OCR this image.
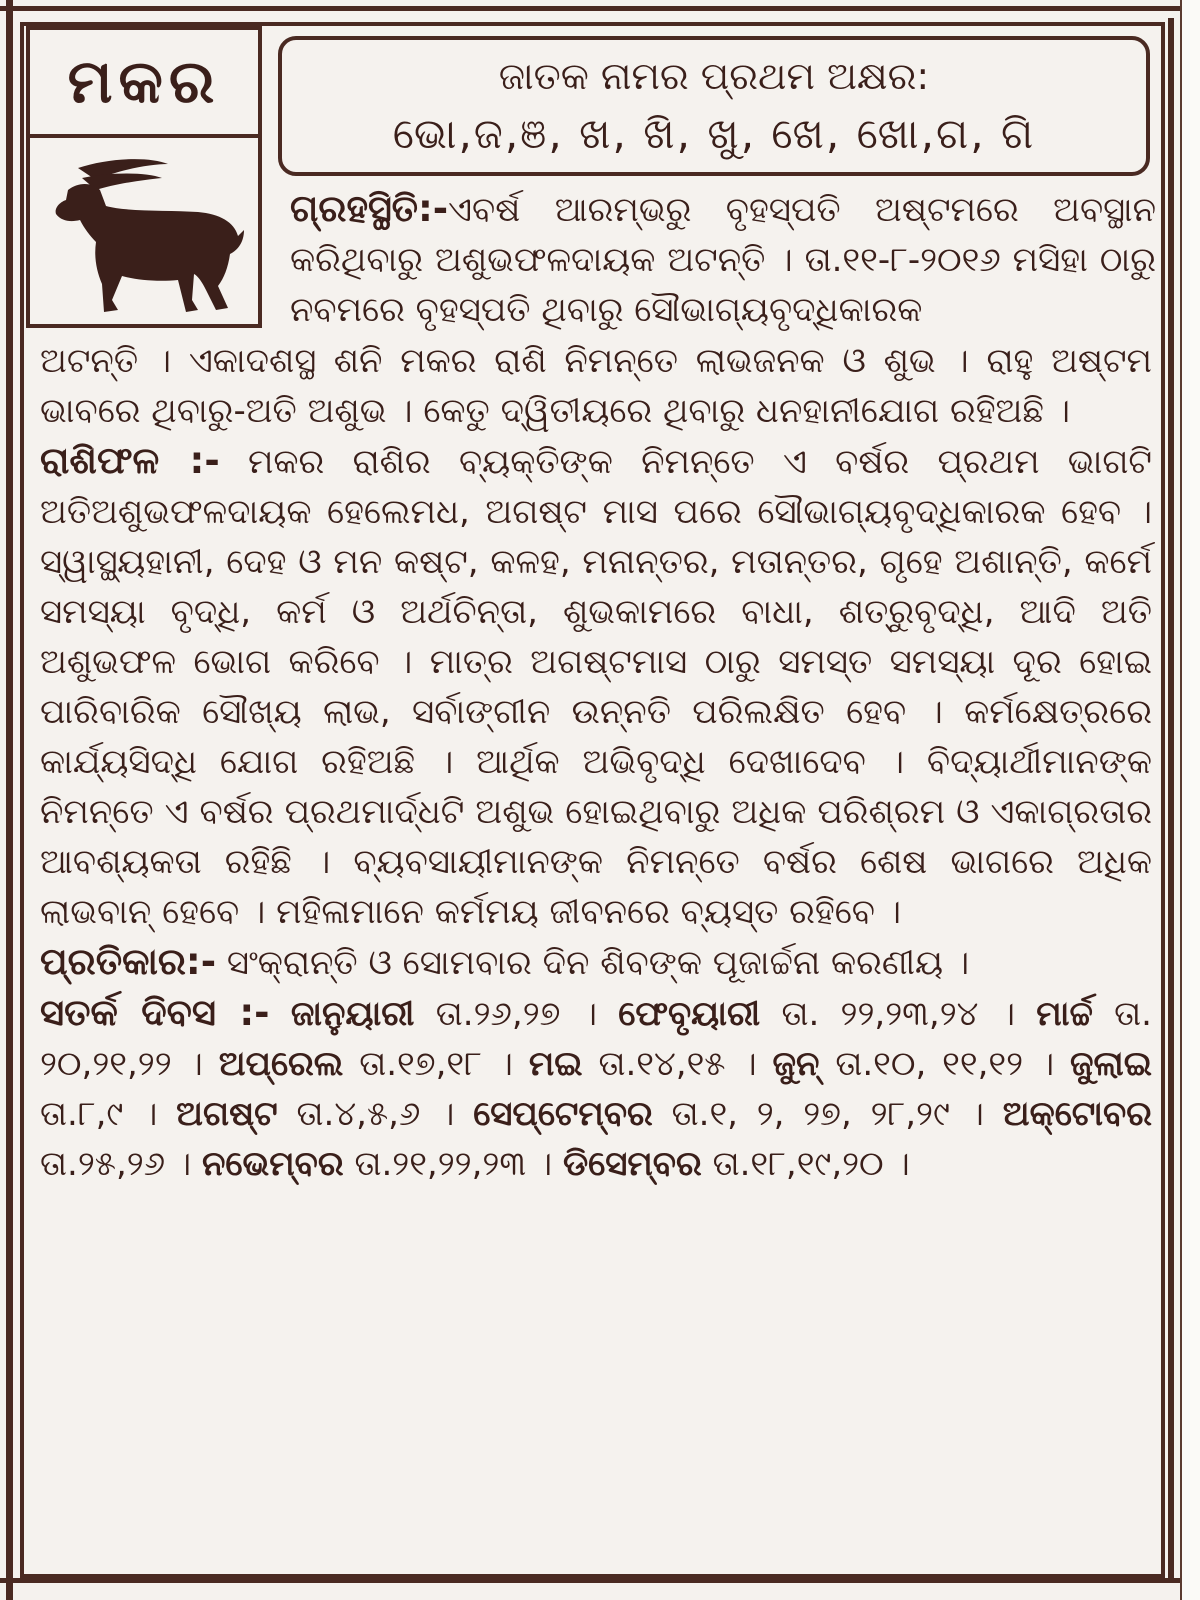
ମକର	ଜାତକ ନାମର ପ୍ରଥମ ଅକ୍ଷର:
ଭୋ,ଜ,ଞ, ଖ, ଖି, ଖୁ, ଖେ, ଖୋ,ଗ, ଗି

ଗ୍ରହସ୍ଥିତି:-ଏବର୍ଷ ଆରମ୍ଭରୁ ବୃହସ୍ପତି ଅଷ୍ଟମରେ ଅବସ୍ଥାନ କରିଥିବାରୁ ଅଶୁଭଫଳଦାୟକ ଅଟନ୍ତି । ତା.୧୧-୮-୨୦୧୬ ମସିହା ଠାରୁ ନବମରେ ବୃହସ୍ପତି ଥିବାରୁ ସୌଭାଗ୍ୟବୃଦ୍ଧିକାରକ

ଅଟନ୍ତି । ଏକାଦଶସ୍ଥ ଶନି ମକର ରାଶି ନିମନ୍ତେ ଲାଭଜନକ ଓ ଶୁଭ । ରାହୁ ଅଷ୍ଟମ ଭାବରେ ଥିବାରୁ-ଅତି ଅଶୁଭ । କେତୁ ଦ୍ୱିତୀୟରେ ଥିବାରୁ ଧନହାନୀଯୋଗ ରହିଅଛି ।

ରାଶିଫଳ :- ମକର ରାଶିର ବ୍ୟକ୍ତିଙ୍କ ନିମନ୍ତେ ଏ ବର୍ଷର ପ୍ରଥମ ଭାଗଟି ଅତିଅଶୁଭଫଳଦାୟକ ହେଲେମଧ, ଅଗଷ୍ଟ ମାସ ପରେ ସୌଭାଗ୍ୟବୃଦ୍ଧିକାରକ ହେବ । ସ୍ୱାସ୍ଥ୍ୟହାନୀ, ଦେହ ଓ ମନ କଷ୍ଟ, କଳହ, ମନାନ୍ତର, ମତାନ୍ତର, ଗୃହେ ଅଶାନ୍ତି, କର୍ମେ ସମସ୍ୟା ବୃଦ୍ଧି, କର୍ମ ଓ ଅର୍ଥଚିନ୍ତା, ଶୁଭକାମରେ ବାଧା, ଶତ୍ରୁବୃଦ୍ଧି, ଆଦି ଅତି ଅଶୁଭଫଳ ଭୋଗ କରିବେ । ମାତ୍ର ଅଗଷ୍ଟମାସ ଠାରୁ ସମସ୍ତ ସମସ୍ୟା ଦୂର ହୋଇ ପାରିବାରିକ ସୌଖ୍ୟ ଲାଭ, ସର୍ବାଙ୍ଗୀନ ଉନ୍ନତି ପରିଲକ୍ଷିତ ହେବ । କର୍ମକ୍ଷେତ୍ରରେ କାର୍ଯ୍ୟସିଦ୍ଧି ଯୋଗ ରହିଅଛି । ଆର୍ଥିକ ଅଭିବୃଦ୍ଧି ଦେଖାଦେବ । ବିଦ୍ୟାର୍ଥୀମାନଙ୍କ ନିମନ୍ତେ ଏ ବର୍ଷର ପ୍ରଥମାର୍ଦ୍ଧଟି ଅଶୁଭ ହୋଇଥିବାରୁ ଅଧିକ ପରିଶ୍ରମ ଓ ଏକାଗ୍ରତାର ଆବଶ୍ୟକତା ରହିଛି । ବ୍ୟବସାୟୀମାନଙ୍କ ନିମନ୍ତେ ବର୍ଷର ଶେଷ ଭାଗରେ ଅଧିକ ଲାଭବାନ୍ ହେବେ । ମହିଳାମାନେ କର୍ମମୟ ଜୀବନରେ ବ୍ୟସ୍ତ ରହିବେ ।

ପ୍ରତିକାର:- ସଂକ୍ରାନ୍ତି ଓ ସୋମବାର ଦିନ ଶିବଙ୍କ ପୂଜାର୍ଚ୍ଚନା କରଣୀୟ ।

ସତର୍କ ଦିବସ :- ଜାନୁୟାରୀ ତା.୨୬,୨୭ । ଫେବୃୟାରୀ ତା. ୨୨,୨୩,୨୪ । ମାର୍ଚ୍ଚ ତା. ୨୦,୨୧,୨୨ । ଅପ୍ରେଲ ତା.୧୭,୧୮ । ମଇ ତା.୧୪,୧୫ । ଜୁନ୍ ତା.୧୦, ୧୧,୧୨ । ଜୁଲାଇ ତା.୮,୯ । ଅଗଷ୍ଟ ତା.୪,୫,୬ । ସେପ୍ଟେମ୍ବର ତା.୧, ୨, ୨୭, ୨୮,୨୯ । ଅକ୍ଟୋବର ତା.୨୫,୨୬ । ନଭେମ୍ବର ତା.୨୧,୨୨,୨୩ । ଡିସେମ୍ବର ତା.୧୮,୧୯,୨୦ ।
